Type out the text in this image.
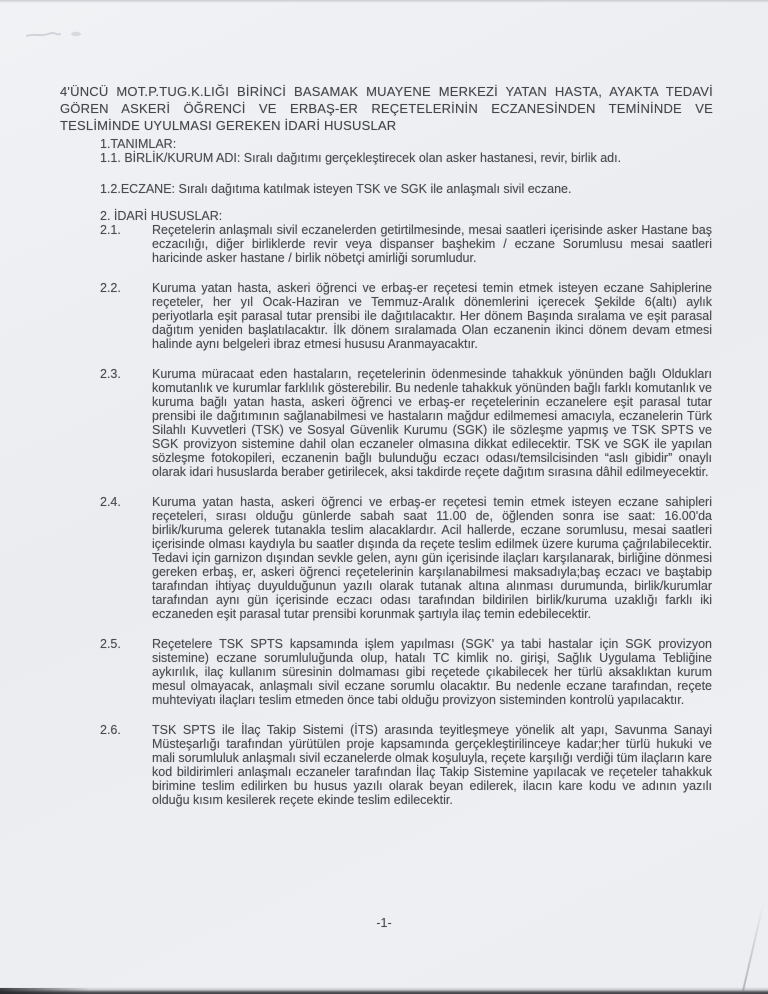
4'ÜNCÜ MOT.P.TUG.K.LIĞI BİRİNCİ BASAMAK MUAYENE MERKEZİ YATAN HASTA, AYAKTA TEDAVİ GÖREN ASKERİ ÖĞRENCİ VE ERBAŞ-ER REÇETELERİNİN ECZANESİNDEN TEMİNİNDE VE TESLİMİNDE UYULMASI GEREKEN İDARİ HUSUSLAR

1.TANIMLAR:

1.1. BİRLİK/KURUM ADI: Sıralı dağıtımı gerçekleştirecek olan asker hastanesi, revir, birlik adı.

1.2.ECZANE: Sıralı dağıtıma katılmak isteyen TSK ve SGK ile anlaşmalı sivil eczane.

2. İDARİ HUSUSLAR:

2.1.	Reçetelerin anlaşmalı sivil eczanelerden getirtilmesinde, mesai saatleri içerisinde asker Hastane baş eczacılığı, diğer birliklerde revir veya dispanser başhekim / eczane Sorumlusu mesai saatleri haricinde asker hastane / birlik nöbetçi amirliği sorumludur.
2.2.	Kuruma yatan hasta, askeri öğrenci ve erbaş-er reçetesi temin etmek isteyen eczane Sahiplerine reçeteler, her yıl Ocak-Haziran ve Temmuz-Aralık dönemlerini içerecek Şekilde 6(altı) aylık periyotlarla eşit parasal tutar prensibi ile dağıtılacaktır. Her dönem Başında sıralama ve eşit parasal dağıtım yeniden başlatılacaktır. İlk dönem sıralamada Olan eczanenin ikinci dönem devam etmesi halinde aynı belgeleri ibraz etmesi hususu Aranmayacaktır.
2.3.	Kuruma müracaat eden hastaların, reçetelerinin ödenmesinde tahakkuk yönünden bağlı Oldukları komutanlık ve kurumlar farklılık gösterebilir. Bu nedenle tahakkuk yönünden bağlı farklı komutanlık ve kuruma bağlı yatan hasta, askeri öğrenci ve erbaş-er reçetelerinin eczanelere eşit parasal tutar prensibi ile dağıtımının sağlanabilmesi ve hastaların mağdur edilmemesi amacıyla, eczanelerin Türk Silahlı Kuvvetleri (TSK) ve Sosyal Güvenlik Kurumu (SGK) ile sözleşme yapmış ve TSK SPTS ve SGK provizyon sistemine dahil olan eczaneler olmasına dikkat edilecektir. TSK ve SGK ile yapılan sözleşme fotokopileri, eczanenin bağlı bulunduğu eczacı odası/temsilcisinden “aslı gibidir” onaylı olarak idari hususlarda beraber getirilecek, aksi takdirde reçete dağıtım sırasına dâhil edilmeyecektir.
2.4.	Kuruma yatan hasta, askeri öğrenci ve erbaş-er reçetesi temin etmek isteyen eczane sahipleri reçeteleri, sırası olduğu günlerde sabah saat 11.00 de, öğlenden sonra ise saat: 16.00'da birlik/kuruma gelerek tutanakla teslim alacaklardır. Acil hallerde, eczane sorumlusu, mesai saatleri içerisinde olması kaydıyla bu saatler dışında da reçete teslim edilmek üzere kuruma çağrılabilecektir. Tedavi için garnizon dışından sevkle gelen, aynı gün içerisinde ilaçları karşılanarak, birliğine dönmesi gereken erbaş, er, askeri öğrenci reçetelerinin karşılanabilmesi maksadıyla;baş eczacı ve baştabip tarafından ihtiyaç duyulduğunun yazılı olarak tutanak altına alınması durumunda, birlik/kurumlar tarafından aynı gün içerisinde eczacı odası tarafından bildirilen birlik/kuruma uzaklığı farklı iki eczaneden eşit parasal tutar prensibi korunmak şartıyla ilaç temin edebilecektir.
2.5.	Reçetelere TSK SPTS kapsamında işlem yapılması (SGK' ya tabi hastalar için SGK provizyon sistemine) eczane sorumluluğunda olup, hatalı TC kimlik no. girişi, Sağlık Uygulama Tebliğine aykırılık, ilaç kullanım süresinin dolmaması gibi reçetede çıkabilecek her türlü aksaklıktan kurum mesul olmayacak, anlaşmalı sivil eczane sorumlu olacaktır. Bu nedenle eczane tarafından, reçete muhteviyatı ilaçları teslim etmeden önce tabi olduğu provizyon sisteminden kontrolü yapılacaktır.
2.6.	TSK SPTS ile İlaç Takip Sistemi (İTS) arasında teyitleşmeye yönelik alt yapı, Savunma Sanayi Müsteşarlığı tarafından yürütülen proje kapsamında gerçekleştirilinceye kadar;her türlü hukuki ve mali sorumluluk anlaşmalı sivil eczanelerde olmak koşuluyla, reçete karşılığı verdiği tüm ilaçların kare kod bildirimleri anlaşmalı eczaneler tarafından İlaç Takip Sistemine yapılacak ve reçeteler tahakkuk birimine teslim edilirken bu husus yazılı olarak beyan edilerek, ilacın kare kodu ve adının yazılı olduğu kısım kesilerek reçete ekinde teslim edilecektir.
-1-
